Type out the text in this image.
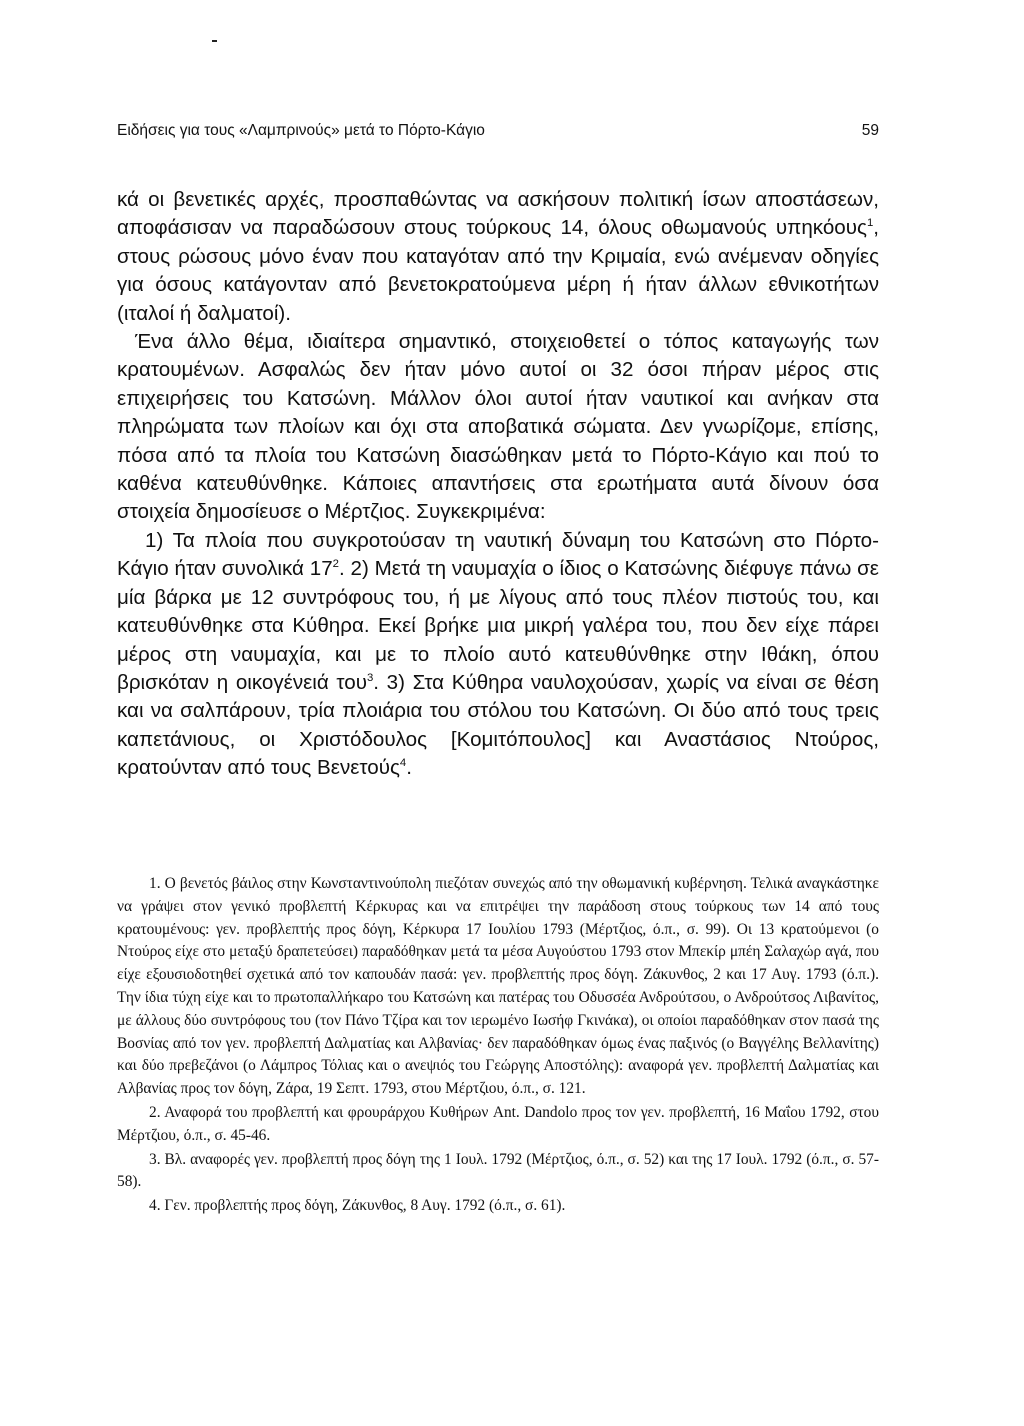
Ειδήσεις για τους «Λαμπρινούς» μετά το Πόρτο-Κάγιο	59

κά οι βενετικές αρχές, προσπαθώντας να ασκήσουν πολιτική ίσων αποστάσεων, αποφάσισαν να παραδώσουν στους τούρκους 14, όλους οθωμανούς υπηκόους$^1$, στους ρώσους μόνο έναν που καταγόταν από την Κριμαία, ενώ ανέμεναν οδηγίες για όσους κατάγονταν από βενετοκρατούμενα μέρη ή ήταν άλλων εθνικοτήτων (ιταλοί ή δαλματοί).

Ένα άλλο θέμα, ιδιαίτερα σημαντικό, στοιχειοθετεί ο τόπος καταγωγής των κρατουμένων. Ασφαλώς δεν ήταν μόνο αυτοί οι 32 όσοι πήραν μέρος στις επιχειρήσεις του Κατσώνη. Μάλλον όλοι αυτοί ήταν ναυτικοί και ανήκαν στα πληρώματα των πλοίων και όχι στα αποβατικά σώματα. Δεν γνωρίζομε, επίσης, πόσα από τα πλοία του Κατσώνη διασώθηκαν μετά το Πόρτο-Κάγιο και πού το καθένα κατευθύνθηκε. Κάποιες απαντήσεις στα ερωτήματα αυτά δίνουν όσα στοιχεία δημοσίευσε ο Μέρτζιος. Συγκεκριμένα:

1) Τα πλοία που συγκροτούσαν τη ναυτική δύναμη του Κατσώνη στο Πόρτο-Κάγιο ήταν συνολικά $17^2$. 2) Μετά τη ναυμαχία ο ίδιος ο Κατσώνης διέφυγε πάνω σε μία βάρκα με 12 συντρόφους του, ή με λίγους από τους πλέον πιστούς του, και κατευθύνθηκε στα Κύθηρα. Εκεί βρήκε μια μικρή γαλέρα του, που δεν είχε πάρει μέρος στη ναυμαχία, και με το πλοίο αυτό κατευθύνθηκε στην Ιθάκη, όπου βρισκόταν η οικογένειά του$^3$. 3) Στα Κύθηρα ναυλοχούσαν, χωρίς να είναι σε θέση και να σαλπάρουν, τρία πλοιάρια του στόλου του Κατσώνη. Οι δύο από τους τρεις καπετάνιους, οι Χριστόδουλος [Κομιτόπουλος] και Αναστάσιος Ντούρος, κρατούνταν από τους Βενετούς$^4$.

1. Ο βενετός βάιλος στην Κωνσταντινούπολη πιεζόταν συνεχώς από την οθωμανική κυβέρνηση. Τελικά αναγκάστηκε να γράψει στον γενικό προβλεπτή Κέρκυρας και να επιτρέψει την παράδοση στους τούρκους των 14 από τους κρατουμένους: γεν. προβλεπτής προς δόγη, Κέρκυρα 17 Ιουλίου 1793 (Μέρτζιος, ό.π., σ. 99). Οι 13 κρατούμενοι (ο Ντούρος είχε στο μεταξύ δραπετεύσει) παραδόθηκαν μετά τα μέσα Αυγούστου 1793 στον Μπεκίρ μπέη Σαλαχώρ αγά, που είχε εξουσιοδοτηθεί σχετικά από τον καπουδάν πασά: γεν. προβλεπτής προς δόγη. Ζάκυνθος, 2 και 17 Αυγ. 1793 (ό.π.). Την ίδια τύχη είχε και το πρωτοπαλλήκαρο του Κατσώνη και πατέρας του Οδυσσέα Ανδρούτσου, ο Ανδρούτσος Λιβανίτος, με άλλους δύο συντρόφους του (τον Πάνο Τζίρα και τον ιερωμένο Ιωσήφ Γκινάκα), οι οποίοι παραδόθηκαν στον πασά της Βοσνίας από τον γεν. προβλεπτή Δαλματίας και Αλβανίας· δεν παραδόθηκαν όμως ένας παξινός (ο Βαγγέλης Βελλανίτης) και δύο πρεβεζάνοι (ο Λάμπρος Τόλιας και ο ανεψιός του Γεώργης Αποστόλης): αναφορά γεν. προβλεπτή Δαλματίας και Αλβανίας προς τον δόγη, Ζάρα, 19 Σεπτ. 1793, στου Μέρτζιου, ό.π., σ. 121.

2. Αναφορά του προβλεπτή και φρουράρχου Κυθήρων Ant. Dandolo προς τον γεν. προβλεπτή, 16 Μαΐου 1792, στου Μέρτζιου, ό.π., σ. 45-46.

3. Βλ. αναφορές γεν. προβλεπτή προς δόγη της 1 Ιουλ. 1792 (Μέρτζιος, ό.π., σ. 52) και της 17 Ιουλ. 1792 (ό.π., σ. 57-58).

4. Γεν. προβλεπτής προς δόγη, Ζάκυνθος, 8 Αυγ. 1792 (ό.π., σ. 61).
